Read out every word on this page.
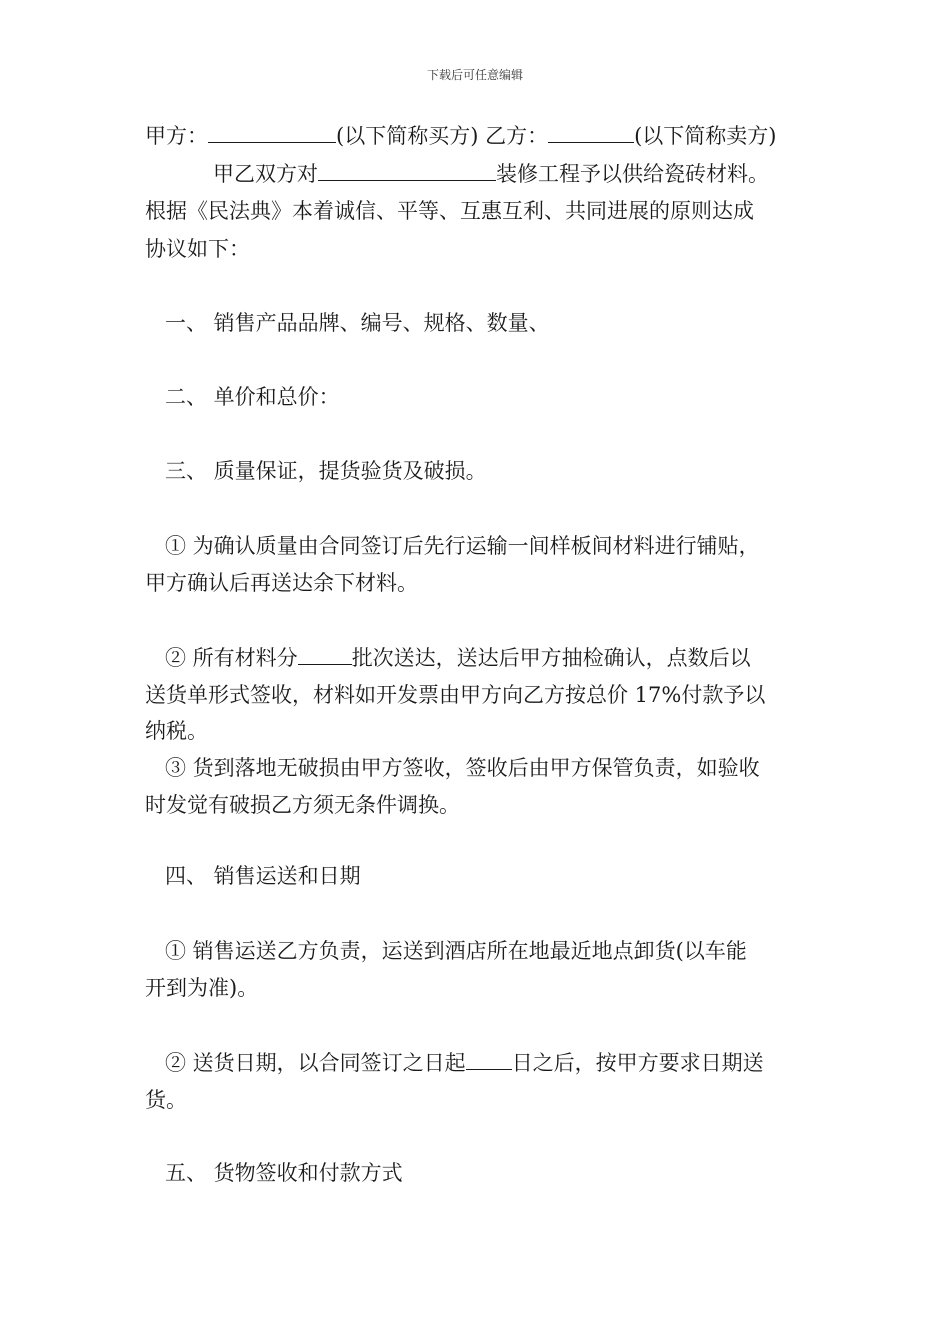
下载后可任意编辑
甲方：	(以下简称买方) 乙方：	(以下简称卖方)
甲乙双方对	装修工程予以供给瓷砖材料。
根据《民法典》本着诚信、平等、互惠互利、共同进展的原则达成
协议如下：
一、 销售产品品牌、编号、规格、数量、
二、 单价和总价：
三、 质量保证，提货验货及破损。
① 为确认质量由合同签订后先行运输一间样板间材料进行铺贴，
甲方确认后再送达余下材料。
② 所有材料分	批次送达，送达后甲方抽检确认，点数后以
送货单形式签收，材料如开发票由甲方向乙方按总价 17%付款予以
纳税。
③ 货到落地无破损由甲方签收，签收后由甲方保管负责，如验收
时发觉有破损乙方须无条件调换。
四、 销售运送和日期
① 销售运送乙方负责，运送到酒店所在地最近地点卸货(以车能
开到为准)。
② 送货日期，以合同签订之日起 日之后，按甲方要求日期送
货。
五、 货物签收和付款方式
